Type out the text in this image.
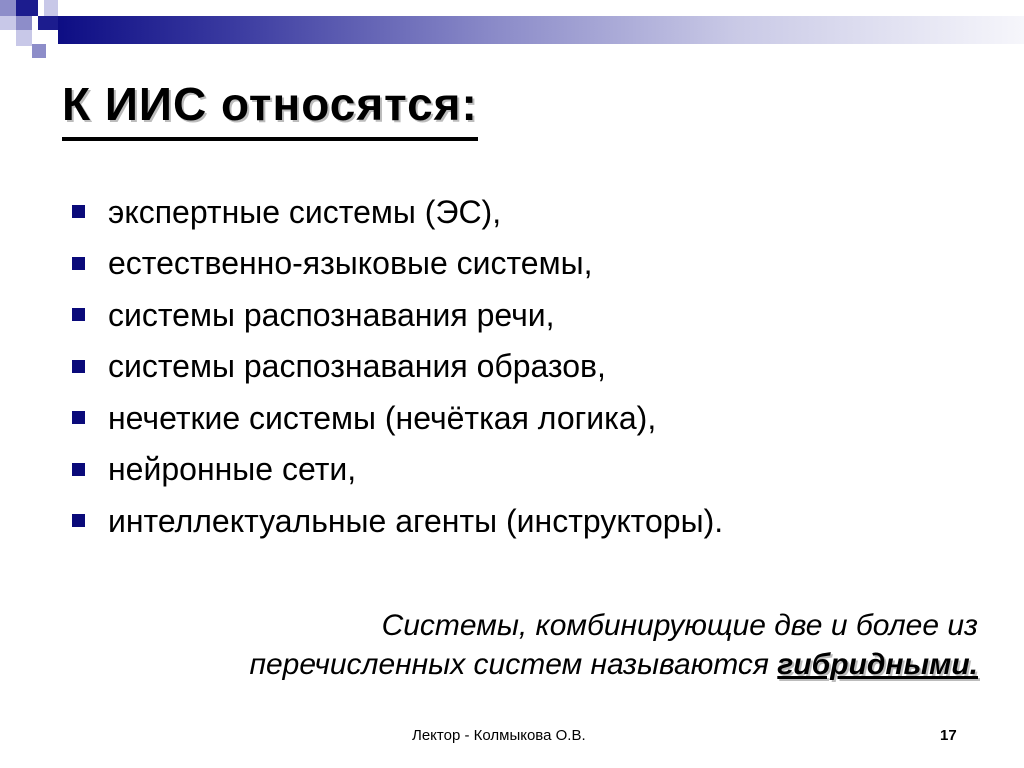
К ИИС относятся:
экспертные системы (ЭС),
естественно-языковые системы,
системы распознавания речи,
системы распознавания образов,
нечеткие системы (нечёткая логика),
нейронные сети,
интеллектуальные агенты (инструкторы).
Системы, комбинирующие две и более из
перечисленных систем называются гибридными.
Лектор - Колмыкова О.В.	17
